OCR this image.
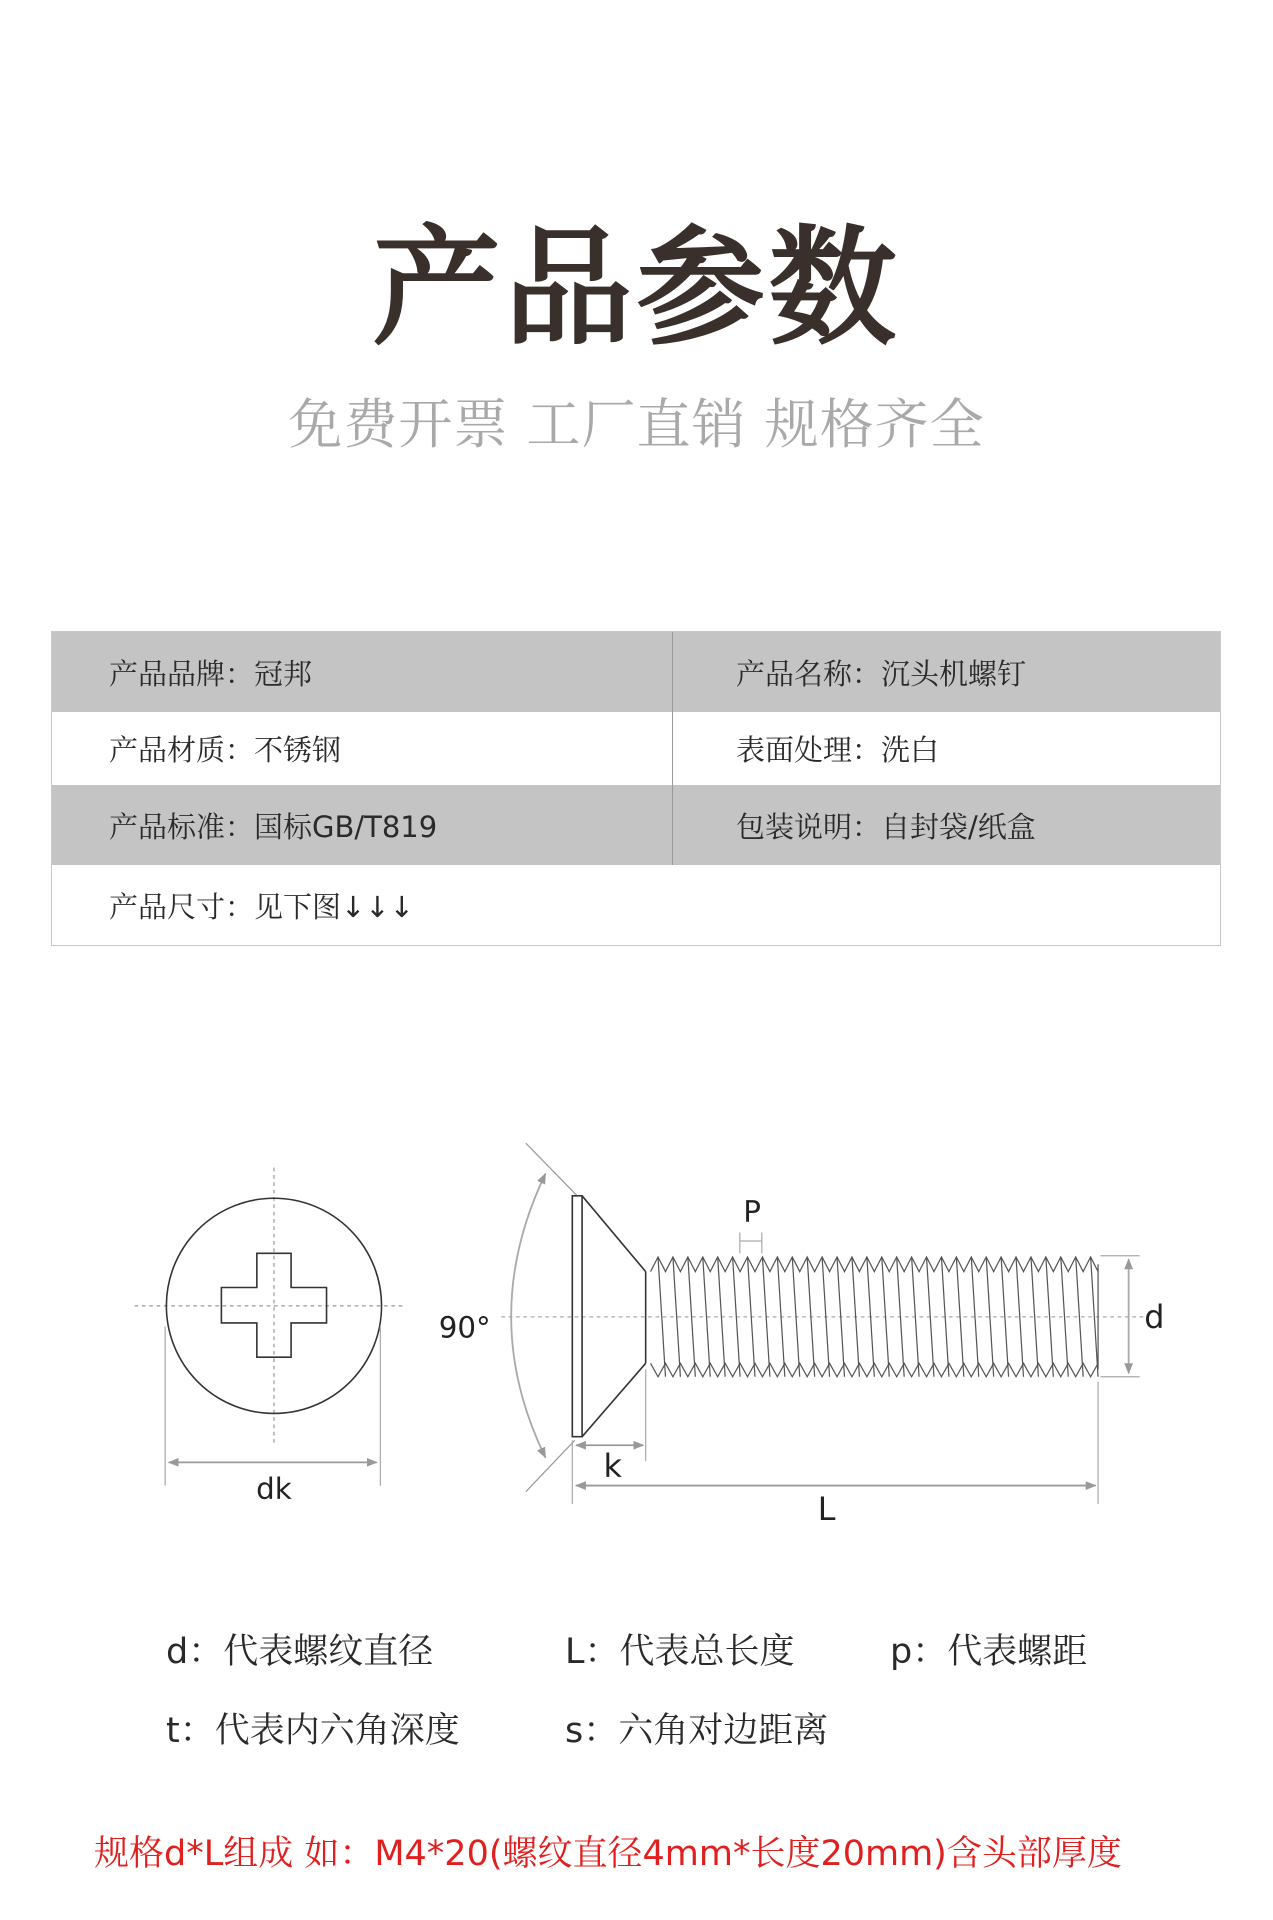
产品参数
免费开票 工厂直销 规格齐全
产品品牌：冠邦	产品名称：沉头机螺钉
产品材质：不锈钢	表面处理：洗白
产品标准：国标GB/T819	包装说明：自封袋/纸盒
产品尺寸：见下图↓↓↓
dk
90°
P
d
k
L
d：代表螺纹直径	L：代表总长度	p：代表螺距
t：代表内六角深度	s：六角对边距离
规格d*L组成 如：M4*20(螺纹直径4mm*长度20mm)含头部厚度
